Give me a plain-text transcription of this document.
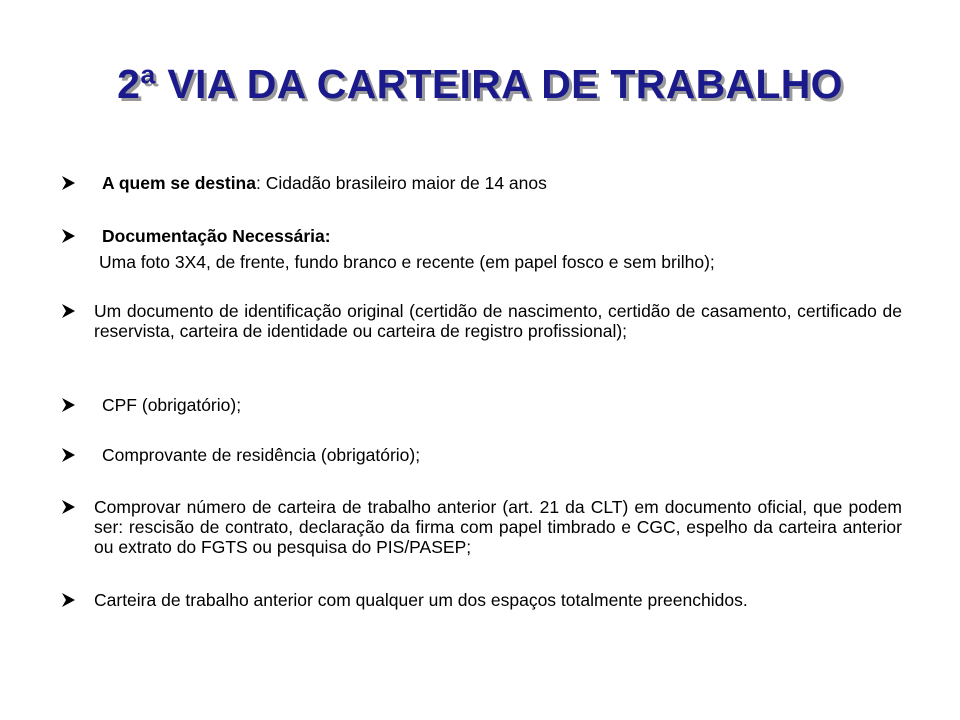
2ª VIA DA CARTEIRA DE TRABALHO
A quem se destina: Cidadão brasileiro maior de 14 anos
Documentação Necessária:
Uma foto 3X4, de frente, fundo branco e recente (em papel fosco e sem brilho);
Um documento de identificação original (certidão de nascimento, certidão de casamento, certificado de reservista, carteira de identidade ou carteira de registro profissional);
CPF (obrigatório);
Comprovante de residência (obrigatório);
Comprovar número de carteira de trabalho anterior (art. 21 da CLT) em documento oficial, que podem ser: rescisão de contrato, declaração da firma com papel timbrado e CGC, espelho da carteira anterior ou extrato do FGTS ou pesquisa do PIS/PASEP;
Carteira de trabalho anterior com qualquer um dos espaços totalmente preenchidos.
